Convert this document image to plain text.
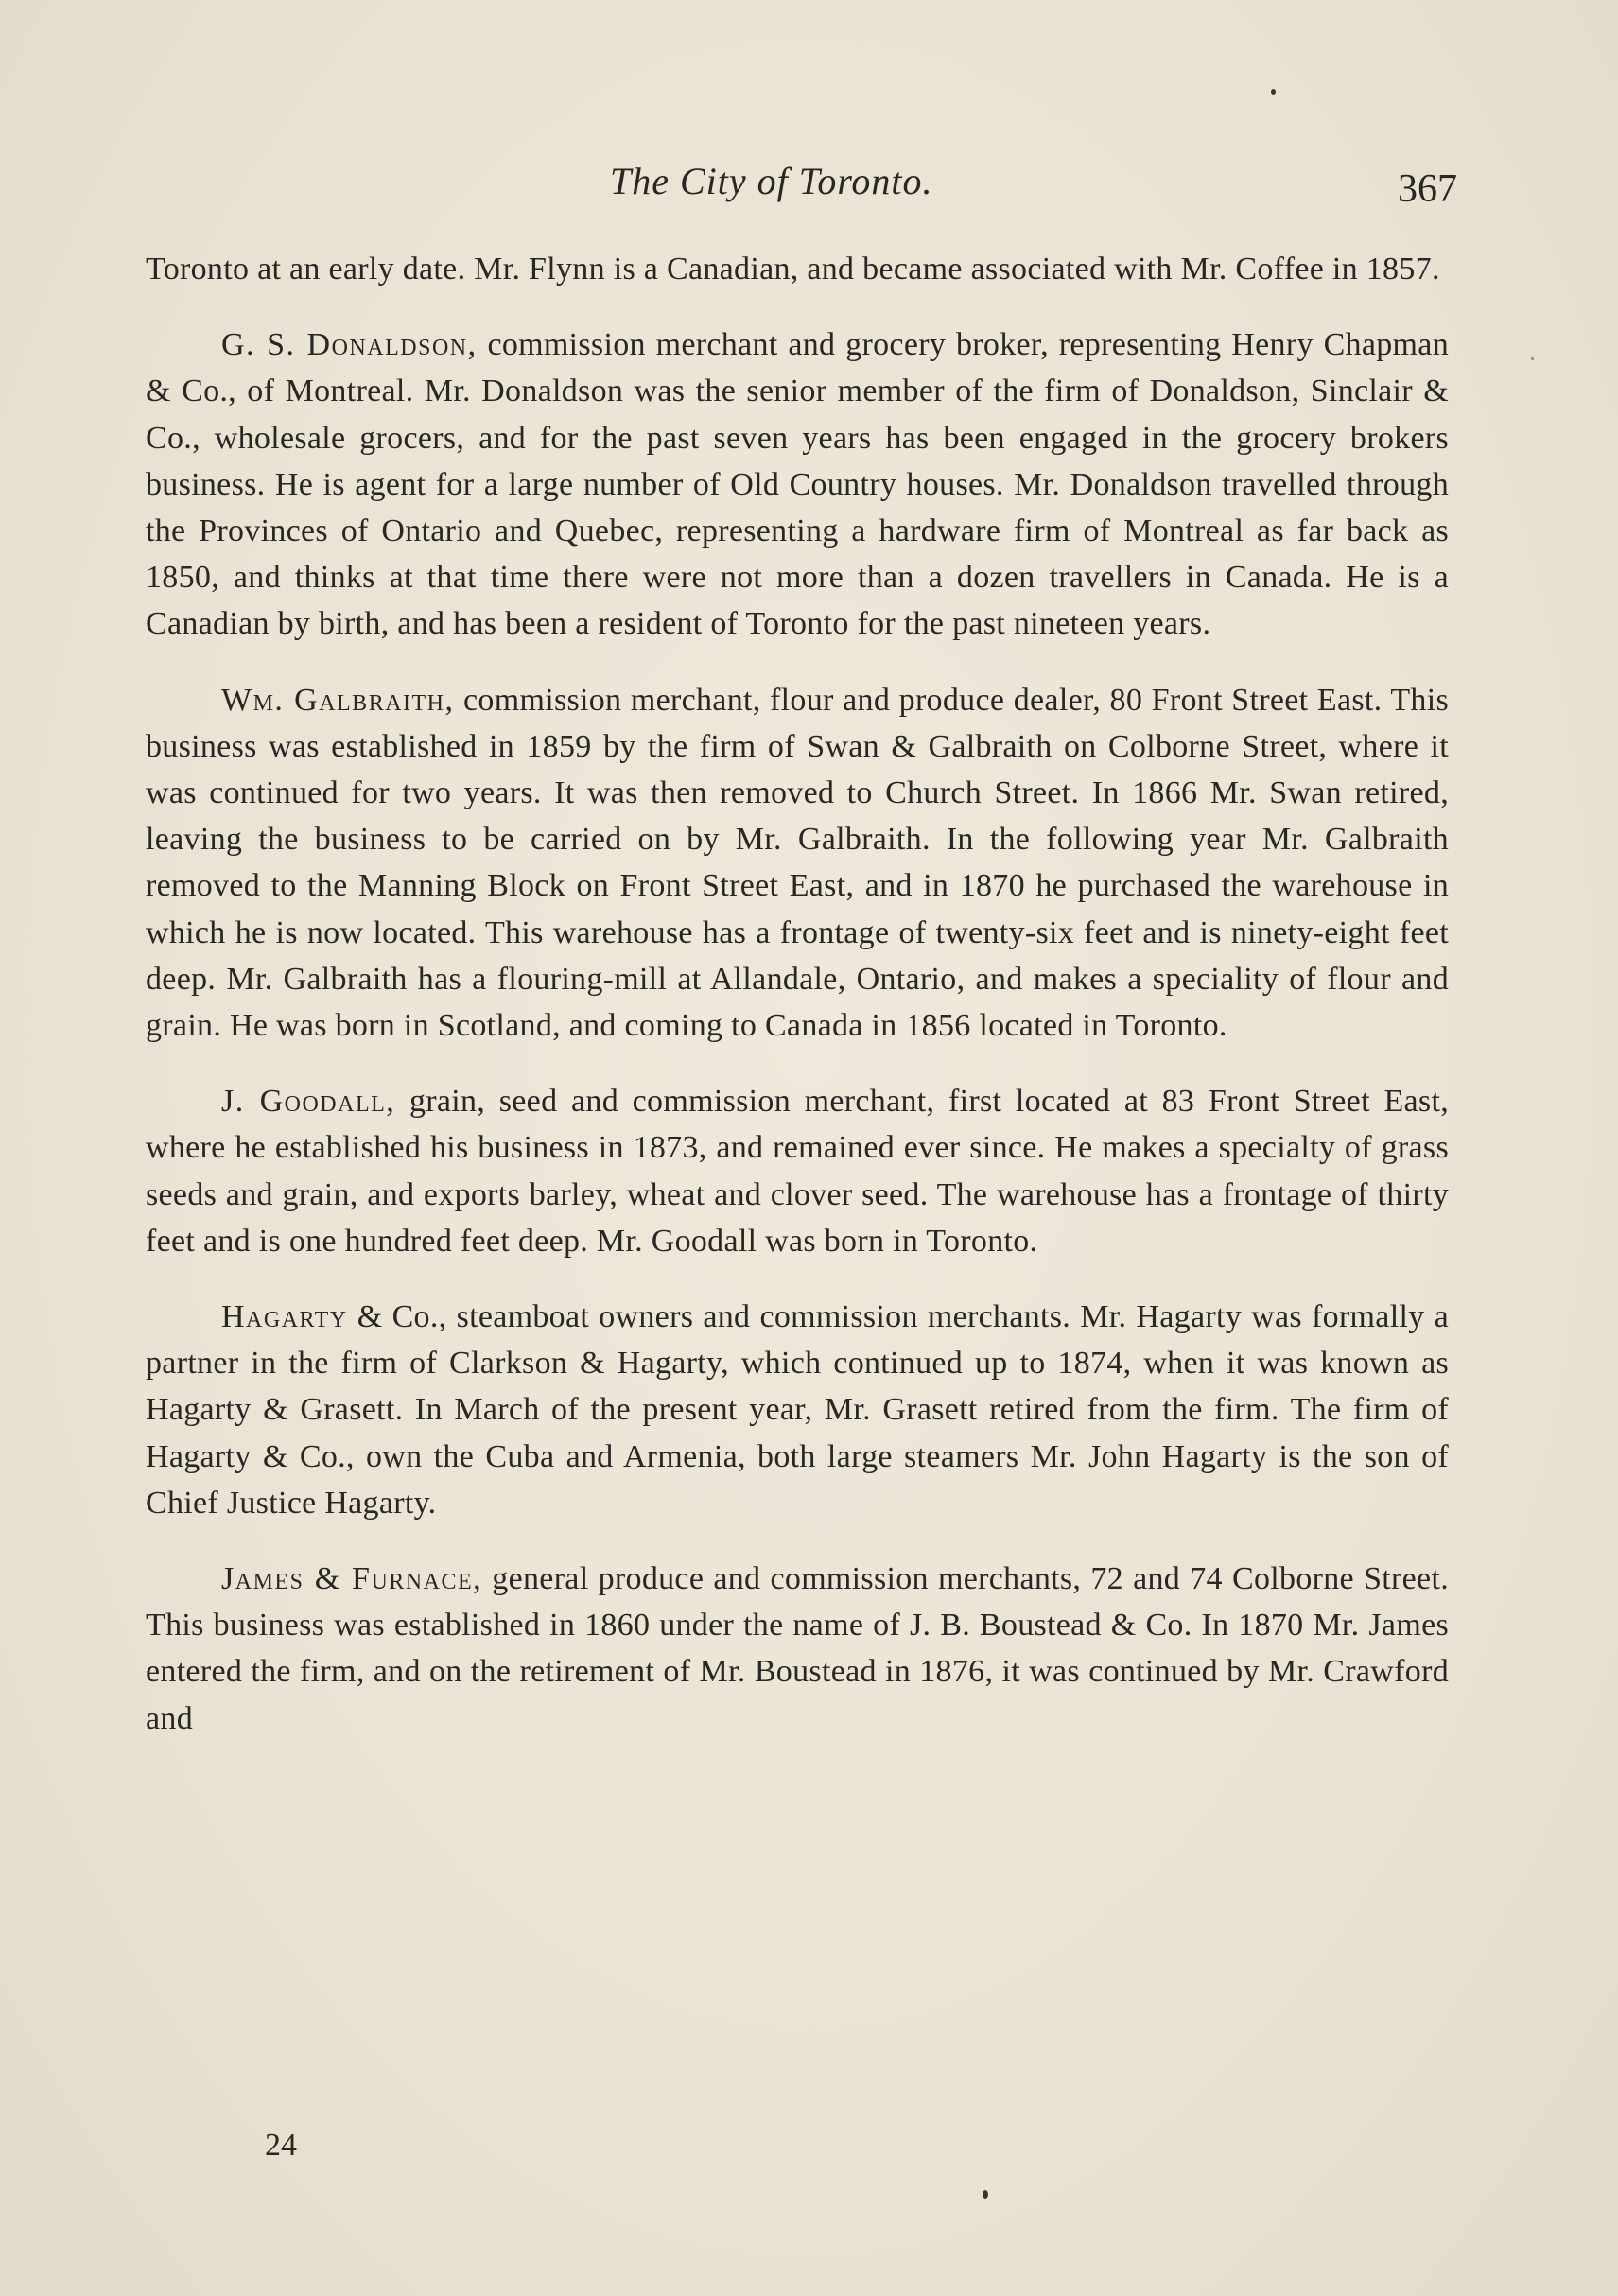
The City of Toronto.	367

Toronto at an early date. Mr. Flynn is a Canadian, and became associated with Mr. Coffee in 1857.

G. S. Donaldson, commission merchant and grocery broker, representing Henry Chapman & Co., of Montreal. Mr. Donaldson was the senior member of the firm of Donaldson, Sinclair & Co., wholesale grocers, and for the past seven years has been engaged in the grocery brokers business. He is agent for a large number of Old Country houses. Mr. Donaldson travelled through the Provinces of Ontario and Quebec, representing a hardware firm of Montreal as far back as 1850, and thinks at that time there were not more than a dozen travellers in Canada. He is a Canadian by birth, and has been a resident of Toronto for the past nineteen years.

Wm. Galbraith, commission merchant, flour and produce dealer, 80 Front Street East. This business was established in 1859 by the firm of Swan & Galbraith on Colborne Street, where it was continued for two years. It was then removed to Church Street. In 1866 Mr. Swan retired, leaving the business to be carried on by Mr. Galbraith. In the following year Mr. Galbraith removed to the Manning Block on Front Street East, and in 1870 he purchased the warehouse in which he is now located. This warehouse has a frontage of twenty-six feet and is ninety-eight feet deep. Mr. Galbraith has a flouring-mill at Allandale, Ontario, and makes a speciality of flour and grain. He was born in Scotland, and coming to Canada in 1856 located in Toronto.

J. Goodall, grain, seed and commission merchant, first located at 83 Front Street East, where he established his business in 1873, and remained ever since. He makes a specialty of grass seeds and grain, and exports barley, wheat and clover seed. The warehouse has a frontage of thirty feet and is one hundred feet deep. Mr. Goodall was born in Toronto.

Hagarty & Co., steamboat owners and commission merchants. Mr. Hagarty was formally a partner in the firm of Clarkson & Hagarty, which continued up to 1874, when it was known as Hagarty & Grasett. In March of the present year, Mr. Grasett retired from the firm. The firm of Hagarty & Co., own the Cuba and Armenia, both large steamers Mr. John Hagarty is the son of Chief Justice Hagarty.

James & Furnace, general produce and commission merchants, 72 and 74 Colborne Street. This business was established in 1860 under the name of J. B. Boustead & Co. In 1870 Mr. James entered the firm, and on the retirement of Mr. Boustead in 1876, it was continued by Mr. Crawford and

24
